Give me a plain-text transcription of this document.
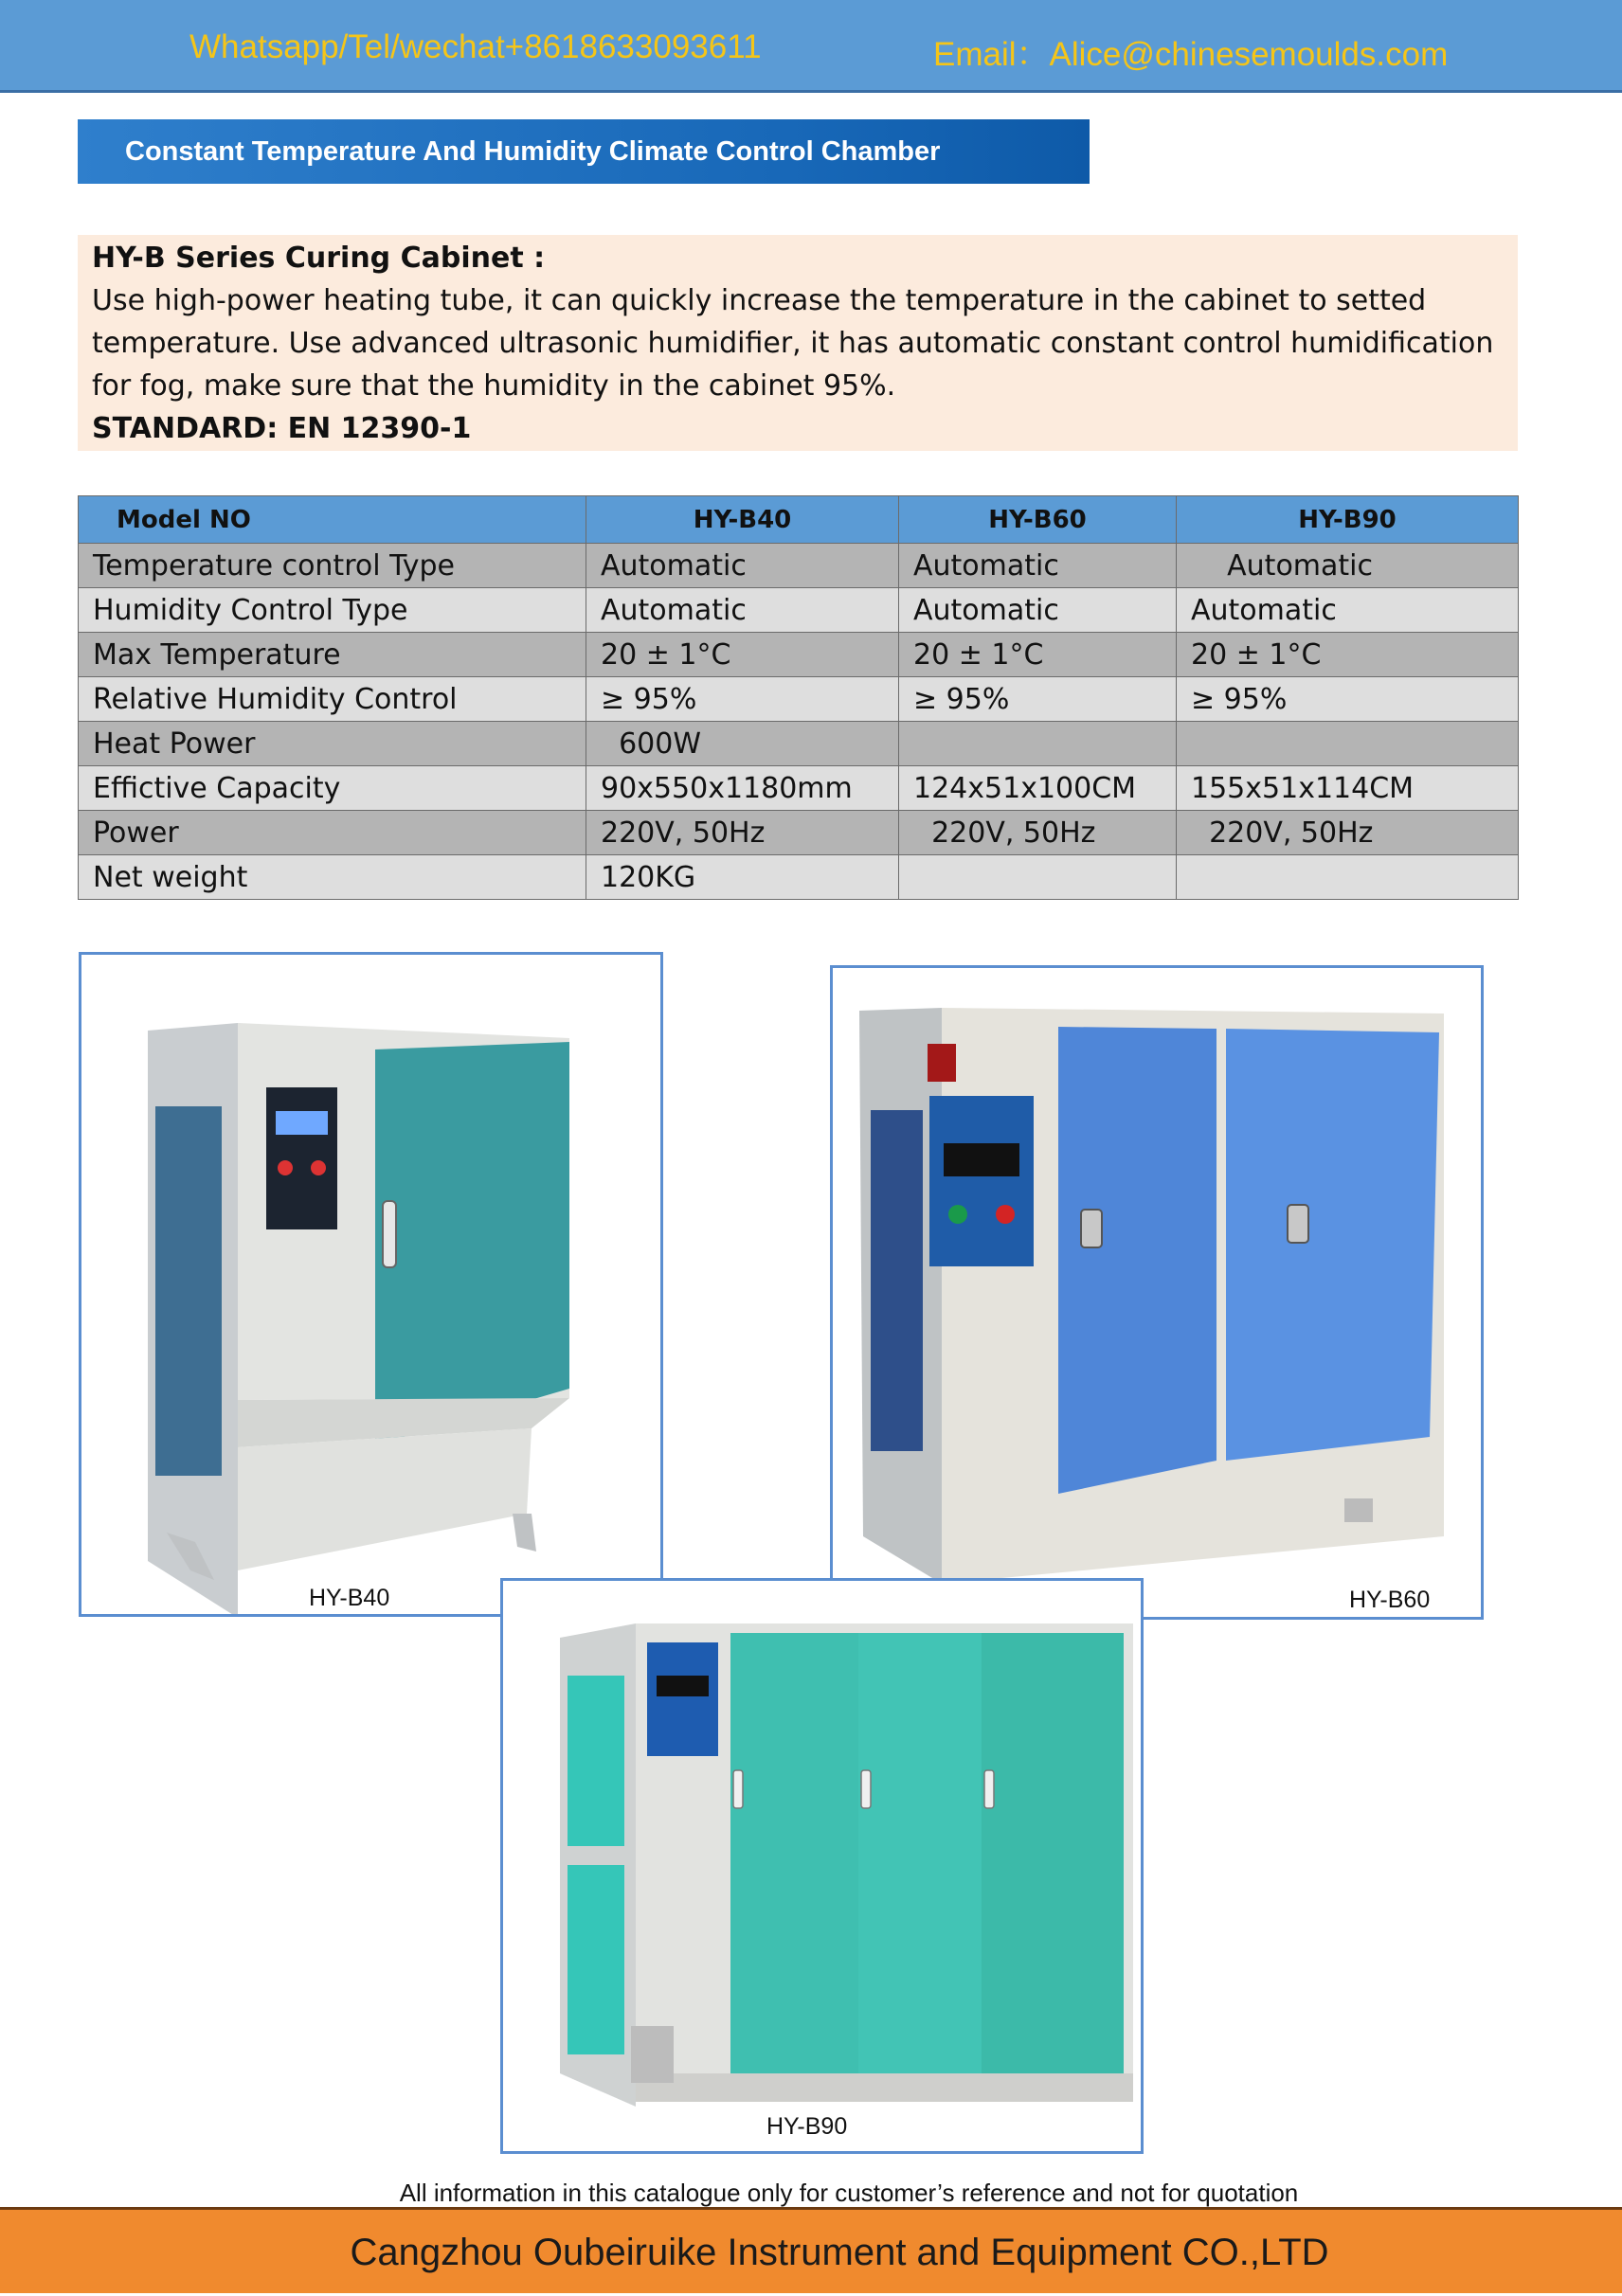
Whatsapp/Tel/wechat+8618633093611	Email：Alice@chinesemoulds.com
Constant Temperature And Humidity Climate Control Chamber
HY-B Series Curing Cabinet :
Use high-power heating tube, it can quickly increase the temperature in the cabinet to setted temperature. Use advanced ultrasonic humidifier, it has automatic constant control humidification for fog, make sure that the humidity in the cabinet 95%.
STANDARD: EN 12390-1
Model NO	HY-B40	HY-B60	HY-B90
Temperature control Type	Automatic	Automatic	Automatic
Humidity Control Type	Automatic	Automatic	Automatic
Max Temperature	20 ± 1°C	20 ± 1°C	20 ± 1°C
Relative Humidity Control	≥ 95%	≥ 95%	≥ 95%
Heat Power	600W		
Effictive Capacity	90x550x1180mm	124x51x100CM	155x51x114CM
Power	220V, 50Hz	220V, 50Hz	220V, 50Hz
Net weight	120KG		
HY-B40	HY-B60
HY-B90
All information in this catalogue only for customer’s reference and not for quotation
Cangzhou Oubeiruike Instrument and Equipment CO.,LTD
